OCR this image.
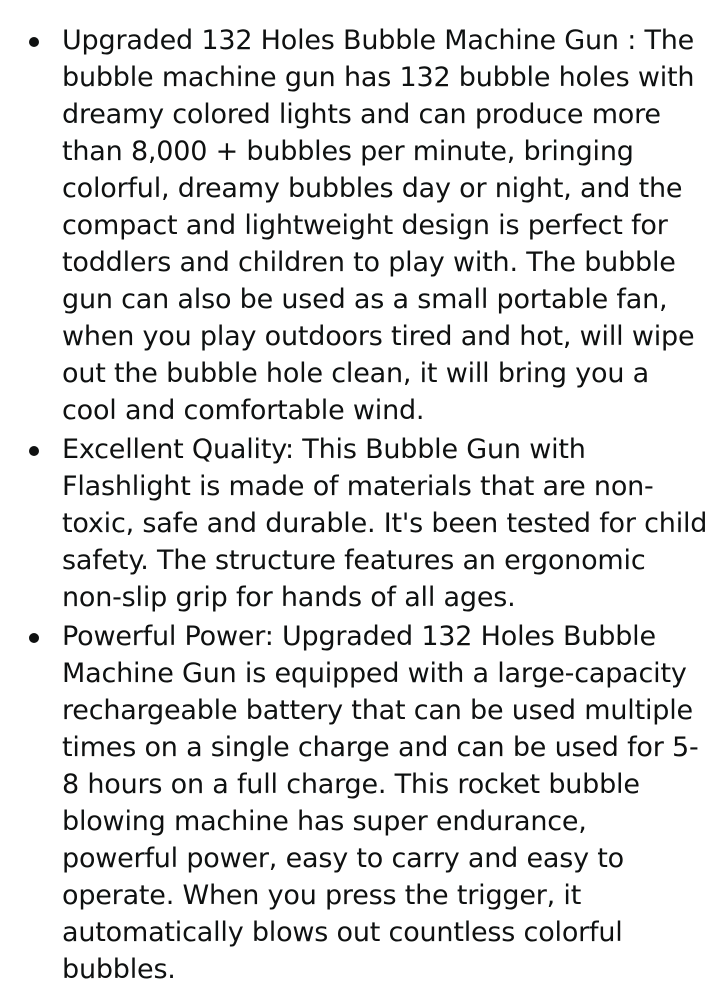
Upgraded 132 Holes Bubble Machine Gun : The bubble machine gun has 132 bubble holes with dreamy colored lights and can produce more than 8,000 + bubbles per minute, bringing colorful, dreamy bubbles day or night, and the compact and lightweight design is perfect for toddlers and children to play with. The bubble gun can also be used as a small portable fan, when you play outdoors tired and hot, will wipe out the bubble hole clean, it will bring you a cool and comfortable wind.
Excellent Quality: This Bubble Gun with Flashlight is made of materials that are non-toxic, safe and durable. It's been tested for child safety. The structure features an ergonomic non-slip grip for hands of all ages.
Powerful Power: Upgraded 132 Holes Bubble Machine Gun is equipped with a large-capacity rechargeable battery that can be used multiple times on a single charge and can be used for 5-8 hours on a full charge. This rocket bubble blowing machine has super endurance, powerful power, easy to carry and easy to operate. When you press the trigger, it automatically blows out countless colorful bubbles.
